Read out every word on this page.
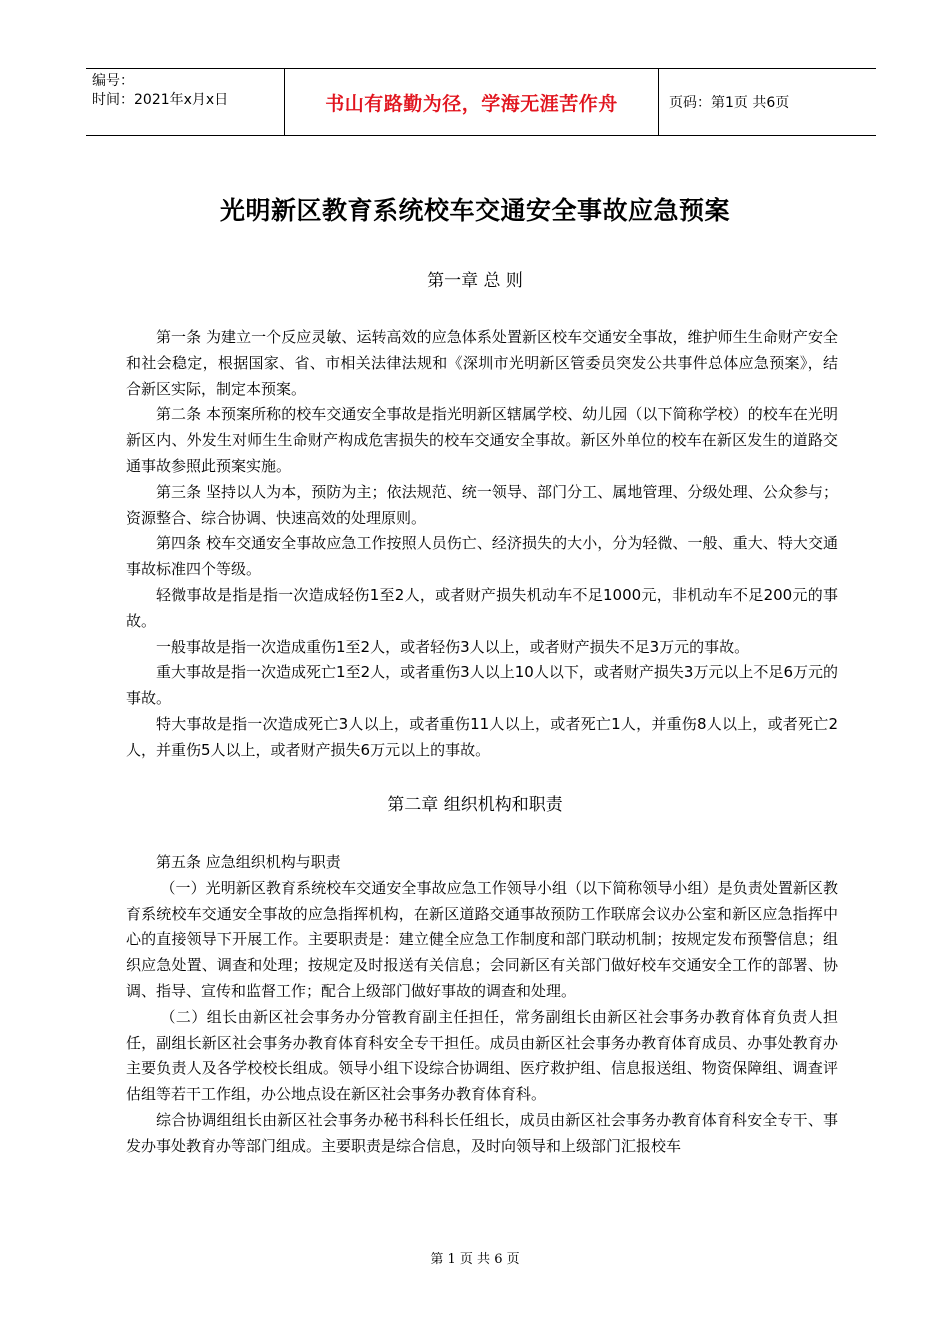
编号：
时间：2021年x月x日	书山有路勤为径，学海无涯苦作舟	页码：第1页 共6页
光明新区教育系统校车交通安全事故应急预案
第一章 总 则

第一条 为建立一个反应灵敏、运转高效的应急体系处置新区校车交通安全事故，维护师生生命财产安全和社会稳定，根据国家、省、市相关法律法规和《深圳市光明新区管委员突发公共事件总体应急预案》，结合新区实际，制定本预案。

第二条 本预案所称的校车交通安全事故是指光明新区辖属学校、幼儿园（以下简称学校）的校车在光明新区内、外发生对师生生命财产构成危害损失的校车交通安全事故。新区外单位的校车在新区发生的道路交通事故参照此预案实施。

第三条 坚持以人为本，预防为主；依法规范、统一领导、部门分工、属地管理、分级处理、公众参与；资源整合、综合协调、快速高效的处理原则。

第四条 校车交通安全事故应急工作按照人员伤亡、经济损失的大小，分为轻微、一般、重大、特大交通事故标准四个等级。

轻微事故是指是指一次造成轻伤1至2人，或者财产损失机动车不足1000元，非机动车不足200元的事故。

一般事故是指一次造成重伤1至2人，或者轻伤3人以上，或者财产损失不足3万元的事故。

重大事故是指一次造成死亡1至2人，或者重伤3人以上10人以下，或者财产损失3万元以上不足6万元的事故。

特大事故是指一次造成死亡3人以上，或者重伤11人以上，或者死亡1人，并重伤8人以上，或者死亡2人，并重伤5人以上，或者财产损失6万元以上的事故。

第二章 组织机构和职责

第五条 应急组织机构与职责

（一）光明新区教育系统校车交通安全事故应急工作领导小组（以下简称领导小组）是负责处置新区教育系统校车交通安全事故的应急指挥机构，在新区道路交通事故预防工作联席会议办公室和新区应急指挥中心的直接领导下开展工作。主要职责是：建立健全应急工作制度和部门联动机制；按规定发布预警信息；组织应急处置、调查和处理；按规定及时报送有关信息；会同新区有关部门做好校车交通安全工作的部署、协调、指导、宣传和监督工作；配合上级部门做好事故的调查和处理。

（二）组长由新区社会事务办分管教育副主任担任，常务副组长由新区社会事务办教育体育负责人担任，副组长新区社会事务办教育体育科安全专干担任。成员由新区社会事务办教育体育成员、办事处教育办主要负责人及各学校校长组成。领导小组下设综合协调组、医疗救护组、信息报送组、物资保障组、调查评估组等若干工作组，办公地点设在新区社会事务办教育体育科。

综合协调组组长由新区社会事务办秘书科科长任组长，成员由新区社会事务办教育体育科安全专干、事发办事处教育办等部门组成。主要职责是综合信息，及时向领导和上级部门汇报校车

第 1 页 共 6 页
